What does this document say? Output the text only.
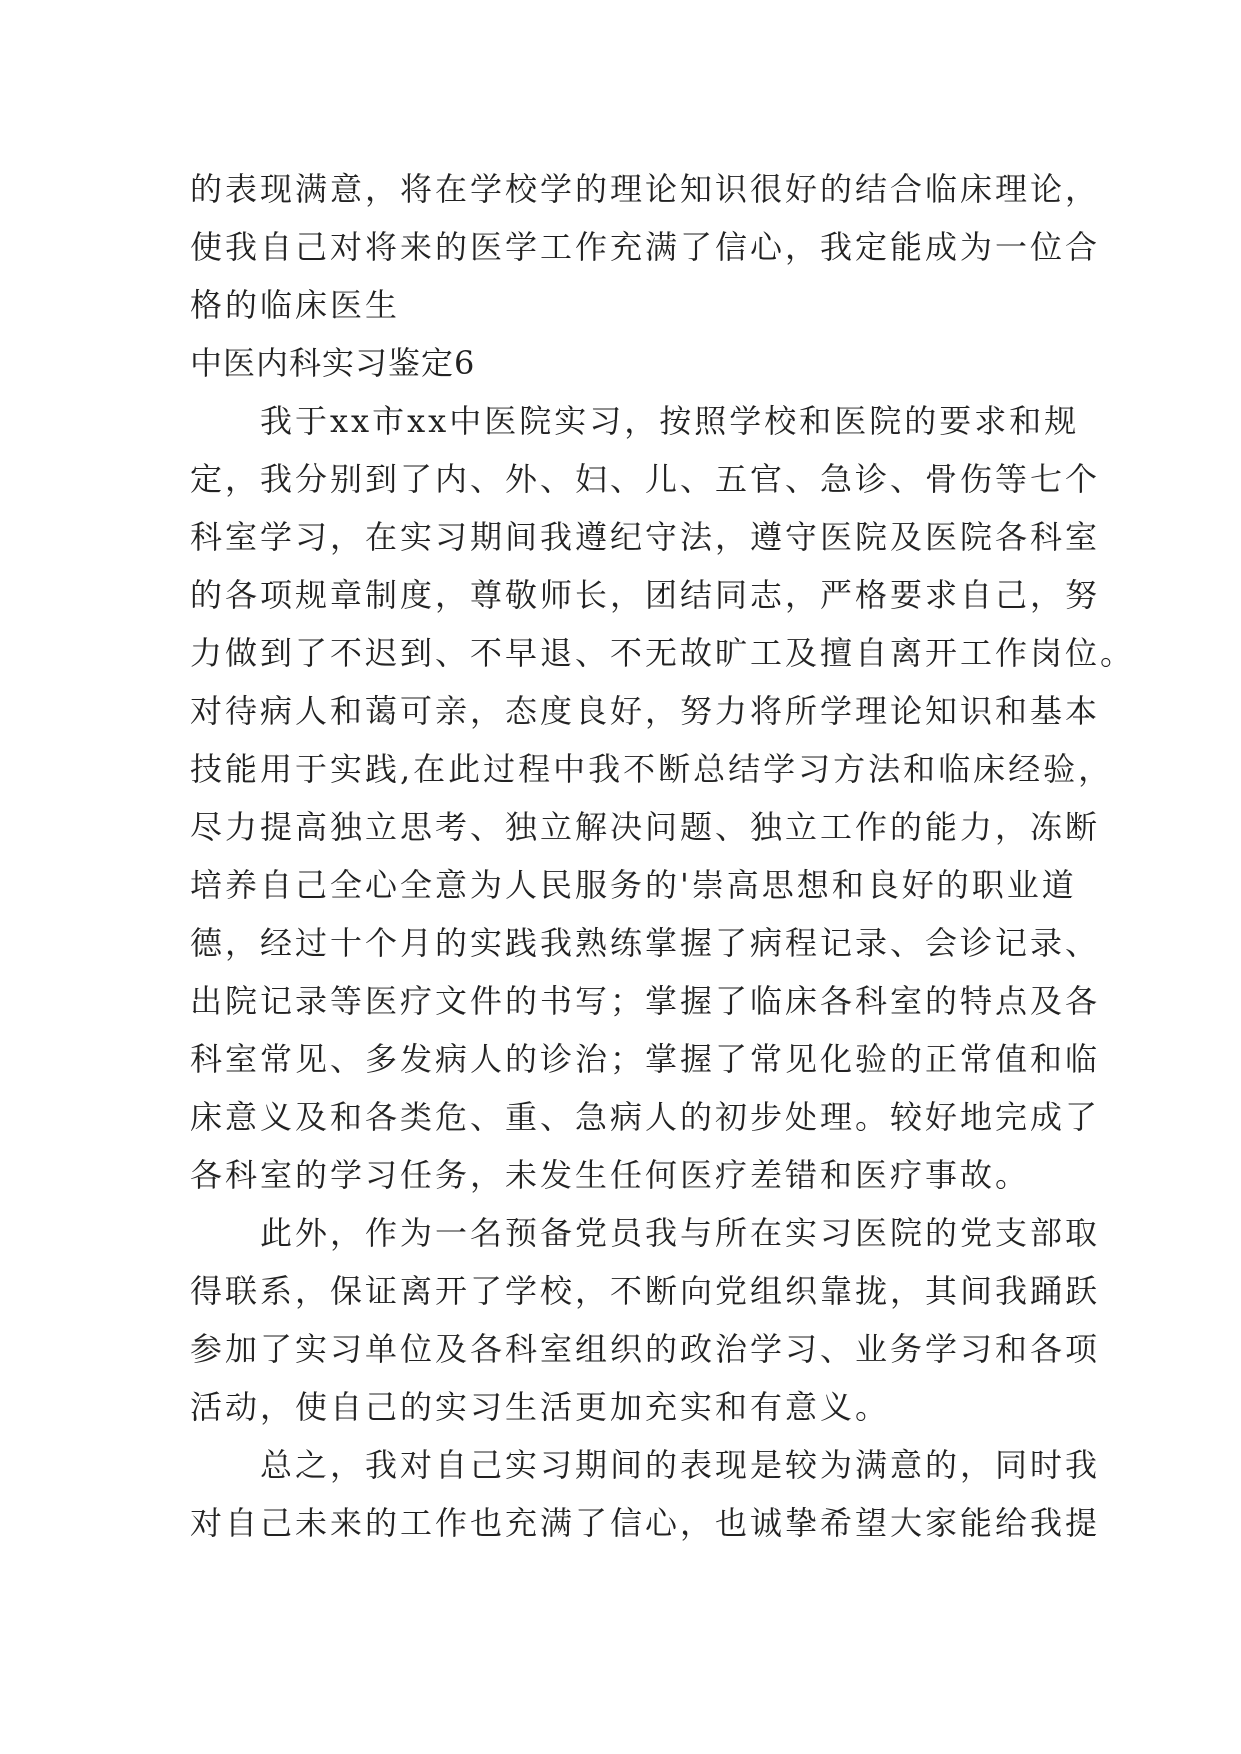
的表现满意，将在学校学的理论知识很好的结合临床理论，
使我自己对将来的医学工作充满了信心，我定能成为一位合
格的临床医生
中医内科实习鉴定6
　　我于xx市xx中医院实习，按照学校和医院的要求和规
定，我分别到了内、外、妇、儿、五官、急诊、骨伤等七个
科室学习，在实习期间我遵纪守法，遵守医院及医院各科室
的各项规章制度，尊敬师长，团结同志，严格要求自己，努
力做到了不迟到、不早退、不无故旷工及擅自离开工作岗位。
对待病人和蔼可亲，态度良好，努力将所学理论知识和基本
技能用于实践,在此过程中我不断总结学习方法和临床经验，
尽力提高独立思考、独立解决问题、独立工作的能力，冻断
培养自己全心全意为人民服务的'崇高思想和良好的职业道
德，经过十个月的实践我熟练掌握了病程记录、会诊记录、
出院记录等医疗文件的书写；掌握了临床各科室的特点及各
科室常见、多发病人的诊治；掌握了常见化验的正常值和临
床意义及和各类危、重、急病人的初步处理。较好地完成了
各科室的学习任务，未发生任何医疗差错和医疗事故。
　　此外，作为一名预备党员我与所在实习医院的党支部取
得联系，保证离开了学校，不断向党组织靠拢，其间我踊跃
参加了实习单位及各科室组织的政治学习、业务学习和各项
活动，使自己的实习生活更加充实和有意义。
　　总之，我对自己实习期间的表现是较为满意的，同时我
对自己未来的工作也充满了信心，也诚挚希望大家能给我提
